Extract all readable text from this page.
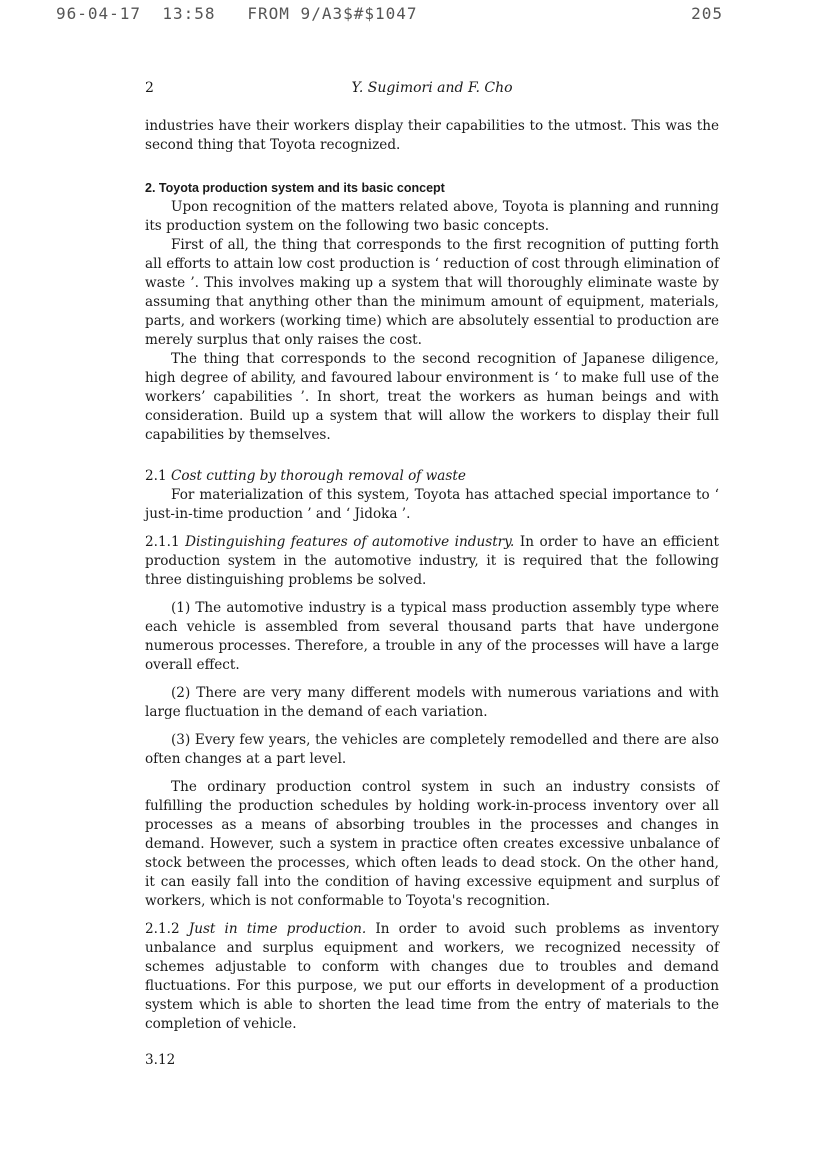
96-04-17  13:58   FROM 9/A3$#$1047	205
2	Y. Sugimori and F. Cho

industries have their workers display their capabilities to the utmost. This was the second thing that Toyota recognized.

2. Toyota production system and its basic concept

Upon recognition of the matters related above, Toyota is planning and running its production system on the following two basic concepts.

First of all, the thing that corresponds to the first recognition of putting forth all efforts to attain low cost production is ‘ reduction of cost through elimination of waste ’. This involves making up a system that will thoroughly eliminate waste by assuming that anything other than the minimum amount of equipment, materials, parts, and workers (working time) which are absolutely essential to production are merely surplus that only raises the cost.

The thing that corresponds to the second recognition of Japanese diligence, high degree of ability, and favoured labour environment is ‘ to make full use of the workers’ capabilities ’. In short, treat the workers as human beings and with consideration. Build up a system that will allow the workers to display their full capabilities by themselves.

2.1 Cost cutting by thorough removal of waste

For materialization of this system, Toyota has attached special importance to ‘ just-in-time production ’ and ‘ Jidoka ’.

2.1.1 Distinguishing features of automotive industry. In order to have an efficient production system in the automotive industry, it is required that the following three distinguishing problems be solved.

(1) The automotive industry is a typical mass production assembly type where each vehicle is assembled from several thousand parts that have undergone numerous processes. Therefore, a trouble in any of the processes will have a large overall effect.

(2) There are very many different models with numerous variations and with large fluctuation in the demand of each variation.

(3) Every few years, the vehicles are completely remodelled and there are also often changes at a part level.

The ordinary production control system in such an industry consists of fulfilling the production schedules by holding work-in-process inventory over all processes as a means of absorbing troubles in the processes and changes in demand. However, such a system in practice often creates excessive unbalance of stock between the processes, which often leads to dead stock. On the other hand, it can easily fall into the condition of having excessive equipment and surplus of workers, which is not conformable to Toyota's recognition.

2.1.2 Just in time production. In order to avoid such problems as inventory unbalance and surplus equipment and workers, we recognized necessity of schemes adjustable to conform with changes due to troubles and demand fluctuations. For this purpose, we put our efforts in development of a production system which is able to shorten the lead time from the entry of materials to the completion of vehicle.

3.12
